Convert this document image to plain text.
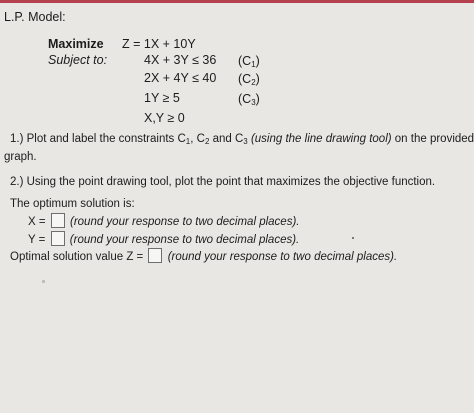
L.P. Model:
Maximize Z = 1X + 10Y
Subject to:	4X + 3Y ≤ 36 $(C_1)$
2X + 4Y ≤ 40 $(C_2)$
1Y ≥ 5	$(C_3)$
X,Y ≥ 0
1.) Plot and label the constraints $C_1$, $C_2$ and $C_3$ (using the line drawing tool) on the provided
graph.
2.) Using the point drawing tool, plot the point that maximizes the objective function.
The optimum solution is:
X = (round your response to two decimal places).
Y = (round your response to two decimal places).
Optimal solution value Z = (round your response to two decimal places).
